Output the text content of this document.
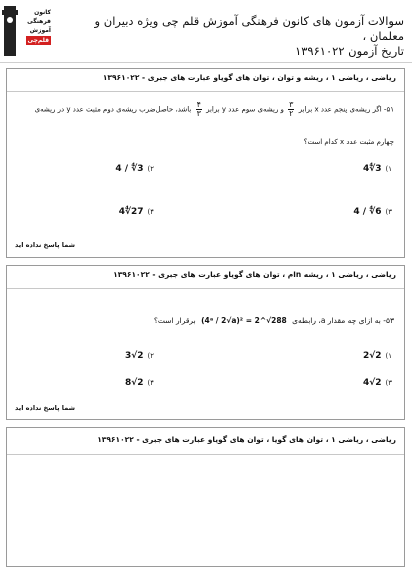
کانون
فرهنگی
آموزش
قلم‌چی
سوالات آزمون های کانون فرهنگی آموزش قلم چی ویژه دبیران و معلمان ،
تاریخ آزمون ۱۳۹۶۱۰۲۲
ریاضی ، ریاضی ۱ ، ریشه و توان ، توان های گویاو عبارت های جبری - ۱۳۹۶۱۰۲۲
۵۱- اگر ریشه‌ی پنجم عدد x برابر
$\frac{۳}{۲}$
و ریشه‌ی سوم عدد y برابر
$\frac{۴}{۳}$
باشد، حاصل‌ضرب ریشه‌ی دوم مثبت عدد y در ریشه‌ی
چهارم مثبت عدد x کدام است؟
۱)
4∜3
۲)
4 / ∜3
۳)
4 / ∜6
۴)
4∜27
شما پاسخ نداده اید
ریاضی ، ریاضی ۱ ، ریشه nام ، توان های گویاو عبارت های جبری - ۱۳۹۶۱۰۲۲
۵۳- به ازای چه مقدار a، رابطه‌ی (4ᵃ / 2√a)² = 2^√288 برقرار است؟
۱)
2√2
۲)
3√2
۳)
4√2
۴)
8√2
شما پاسخ نداده اید
ریاضی ، ریاضی ۱ ، توان های گویا ، توان های گویاو عبارت های جبری - ۱۳۹۶۱۰۲۲
